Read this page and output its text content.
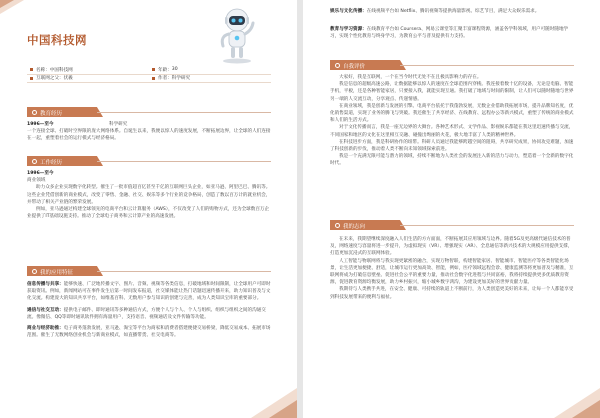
中国科技网
名称： 中国科技网	年龄： 30
互联网之父： 伏羲	作者： 科学研究
教育经历
1996—至今	科学研究
一个连接全球、打破时空界限的庞大网络体系。自诞生以来，我便以惊人的速度发展，不断拓展边界，让全球的人们连接在一起，重塑着社会的运行模式与经济格局。
工作经历
1996—至今
商业领域
助力众多企业实现数字化转型。催生了一批市值超百亿甚至千亿的互联网巨头企业，如亚马逊、阿里巴巴、腾讯等。这些企业凭借创新的商业模式，改变了零售、金融、社交、娱乐等多个行业的竞争格局，创造了数以百万计的就业机会，并带动了相关产业链的繁荣发展。
例如，亚马逊通过构建全球领先的电商平台和云计算服务（AWS），不仅改变了人们的购物方式，还为全球数百万企业提供了IT基础设施支持。推动了全球电子商务和云计算产业的高速发展。
我的应用特征
信息传播与共享：能够快速、广泛地传播文字、图片、音频、视频等各类信息，打破地域和时间限制，让全球用户可即时获取资讯。例如，新闻网站可在事件发生后第一时间发布报道，社交媒体能让热门话题迅速传播开来，助力知识普及与文化交流。构建庞大的知识共享平台，如维基百科、无数用户参与知识的创建与完善，成为人类知识宝库的重要部分。
通信与社交互动：提供电子邮件、即时通讯等多种通信方式，方便个人与个人、个人与组织、组织与组织之间的沟通交流。像微信、QQ等即时通讯软件拥有海量用户，支持语音、视频通话及文件传输等功能。
商业与经济助推：电子商务蓬勃发展，亚马逊、淘宝等平台为商家和消费者搭建便捷交易桥梁，降低交易成本、拓展市场范围。催生了无数网络创业机会与新商业模式，如直播带货、社交电商等。
娱乐与文化传播：在线视频平台如 Netflix、腾讯视频等提供海量影视、综艺节目，满足大众娱乐需求。
教育与学习资源：在线教育平台如 Coursera、网易云课堂等汇聚丰富课程资源，涵盖各学科领域，用户可随时随地学习，实现个性化教育与终身学习，为教育公平与普及提供有力支持。
自我评价
大家好，我是互联网，一个在当今时代无处不在且极具影响力的存在。
我是信息的超级高速公路，让数据能够以惊人的速度在全球范围内穿梭。我连接着数十亿的设备，无论是电脑、智能手机，平板，还是各种智能家居，只要接入我，就能实现互通。我打破了地域与时间的限制，让人们可以随时随地与世界另一端的人交流互动，分享观点、传递情感。
在商业领域，我是创新与发展的引擎。电商平台依托于我蓬勃发展，无数企业借助我拓展市场，提升品牌知名度，优化销售渠道，实现了业务的腾飞与突破。我还催生了共享经济、在线教育、远程办公等新兴模式，重塑了传统的商业模式和人们的生活方式。
对于文化传播而言，我是一座无边界的大舞台。各种艺术形式、文学作品、影视娱乐都能在我这里迅速传播与交流，不同国家和地区的文化在这里相互交融、碰撞出绚丽的火花，极大地丰富了人类的精神世界。
在科技进步方面，我是科研协作的纽带。科研人员通过我能够跨越空间的阻碍，共享研究成果，协同攻克难题，加速了科技创新的步伐，推动着人类不断向未知领域探索前进。
我是一个充满无限可能与潜力的领域，持续不断地为人类社会的发展注入新的活力与动力，塑造着一个全新的数字化时代。
我的志向
在未来，我期望继续深度融入人们生活的方方面面，不断拓展其应用领域与边界。随着5G及更高级代通信技术的普及，网络速度与容量将进一步提升，为虚拟现实（VR）、增强现实（AR）、全息通信等新兴技术的大规模应用提供支撑，打造更加沉浸式的互联网体验。
人工智能与物联网将与我实现更紧密的融合，实现万物智联，构建智能家居、智能城市、智能医疗等各类智能化场景，让生活更加便捷、舒适，让城市运行更加高效、智能，例如，医疗领域远程会诊、健康监测等将更加普及与精准，互联网将成为打破信息壁垒、促进社会公平的重要力量，推动社会数字化进程与共同富裕，我将持续提供更多优质教育资源，促进教育资源均衡发展，助力乡村振兴，缩小城乡数字鸿沟，为建设更加美好的世界贡献力量。
我期待与人类携手共进，在安全、健康、可持续的轨道上不断前行，为人类创造更美好的未来，让每一个人都能享受到科技发展带来的便利与福祉。
